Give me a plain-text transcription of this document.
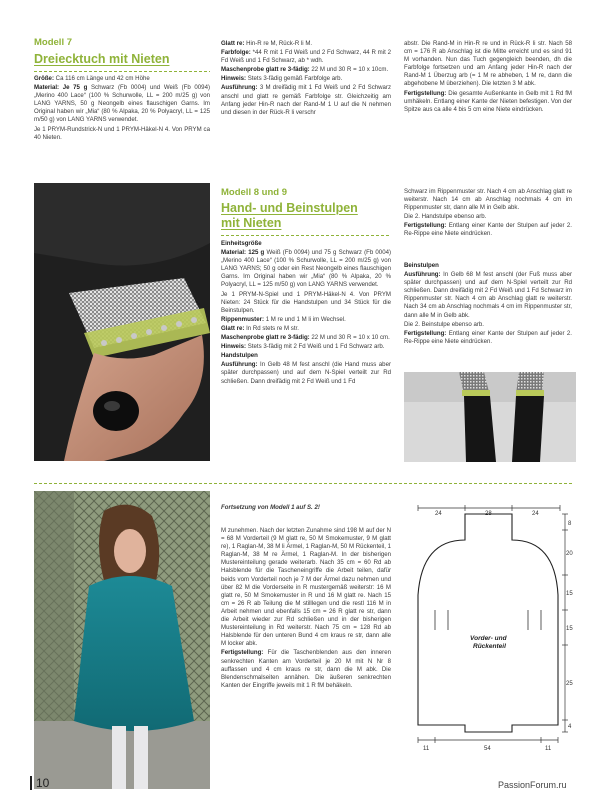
Modell 7
Dreiecktuch mit Nieten

Größe: Ca 116 cm Länge und 42 cm Höhe

Material: Je 75 g Schwarz (Fb 0004) und Weiß (Fb 0094) „Merino 400 Lace“ (100 % Schurwolle, LL = 200 m/25 g) von LANG YARNS, 50 g Neongelb eines flauschigen Garns. Im Original haben wir „Mia“ (80 % Alpaka, 20 % Polyacryl, LL = 125 m/50 g) von LANG YARNS verwendet.

Je 1 PRYM-Rundstrick-N und 1 PRYM-Häkel-N 4. Von PRYM ca 40 Nieten.

Glatt re: Hin-R re M, Rück-R li M.

Farbfolge: *44 R mit 1 Fd Weiß und 2 Fd Schwarz, 44 R mit 2 Fd Weiß und 1 Fd Schwarz, ab * wdh.

Maschenprobe glatt re 3-fädig: 22 M und 30 R = 10 x 10cm.

Hinweis: Stets 3-fädig gemäß Farbfolge arb.

Ausführung: 3 M dreifädig mit 1 Fd Weiß und 2 Fd Schwarz anschl und glatt re gemäß Farbfolge str. Gleichzeitig am Anfang jeder Hin-R nach der Rand-M 1 U auf die N nehmen und diesen in der Rück-R li verschr

abstr. Die Rand-M in Hin-R re und in Rück-R li str. Nach 58 cm = 176 R ab Anschlag ist die Mitte erreicht und es sind 91 M vorhanden. Nun das Tuch gegengleich beenden, dh die Farbfolge fortsetzen und am Anfang jeder Hin-R nach der Rand-M 1 Überzug arb (= 1 M re abheben, 1 M re, dann die abgehobene M überziehen). Die letzten 3 M abk.

Fertigstellung: Die gesamte Außenkante in Gelb mit 1 Rd fM umhäkeln. Entlang einer Kante der Nieten befestigen. Von der Spitze aus ca alle 4 bis 5 cm eine Niete eindrücken.

Modell 8 und 9
Hand- und Beinstulpen
mit Nieten

Einheitsgröße

Material: 125 g Weiß (Fb 0094) und 75 g Schwarz (Fb 0004) „Merino 400 Lace“ (100 % Schurwolle, LL = 200 m/25 g) von LANG YARNS; 50 g oder ein Rest Neongelb eines flauschigen Garns. Im Original haben wir „Mia“ (80 % Alpaka, 20 % Polyacryl, LL = 125 m/50 g) von LANG YARNS verwendet.

Je 1 PRYM-N-Spiel und 1 PRYM-Häkel-N 4. Von PRYM Nieten: 24 Stück für die Handstulpen und 34 Stück für die Beinstulpen.

Rippenmuster: 1 M re und 1 M li im Wechsel.

Glatt re: In Rd stets re M str.

Maschenprobe glatt re 3-fädig: 22 M und 30 R = 10 x 10 cm.

Hinweis: Stets 3-fädig mit 2 Fd Weiß und 1 Fd Schwarz arb.

Handstulpen

Ausführung: In Gelb 48 M fest anschl (die Hand muss aber später durchpassen) und auf dem N-Spiel verteilt zur Rd schließen. Dann dreifädig mit 2 Fd Weiß und 1 Fd

Schwarz im Rippenmuster str. Nach 4 cm ab Anschlag glatt re weiterstr. Nach 14 cm ab Anschlag nochmals 4 cm im Rippenmuster str, dann alle M in Gelb abk.

Die 2. Handstulpe ebenso arb.

Fertigstellung: Entlang einer Kante der Stulpen auf jeder 2. Re-Rippe eine Niete eindrücken.

Beinstulpen

Ausführung: In Gelb 68 M fest anschl (der Fuß muss aber später durchpassen) und auf dem N-Spiel verteilt zur Rd schließen. Dann dreifädig mit 2 Fd Weiß und 1 Fd Schwarz im Rippenmuster str. Nach 4 cm ab Anschlag glatt re weiterstr. Nach 34 cm ab Anschlag nochmals 4 cm im Rippenmuster str, dann alle M in Gelb abk.

Die 2. Beinstulpe ebenso arb.

Fertigstellung: Entlang einer Kante der Stulpen auf jeder 2. Re-Rippe eine Niete eindrücken.

Fortsetzung von Modell 1 auf S. 2!

M zunehmen. Nach der letzten Zunahme sind 198 M auf der N = 68 M Vorderteil (9 M glatt re, 50 M Smokemuster, 9 M glatt re), 1 Raglan-M, 38 M li Ärmel, 1 Raglan-M, 50 M Rückenteil, 1 Raglan-M, 38 M re Ärmel, 1 Raglan-M. In der bisherigen Mustereinteilung gerade weiterarb. Nach 35 cm = 60 Rd ab Halsblende für die Tascheneingriffe die Arbeit teilen, dafür beids vom Vorderteil noch je 7 M der Ärmel dazu nehmen und über 82 M die Vorderseite in R mustergemäß weiterstr: 16 M glatt re, 50 M Smokemuster in R und 16 M glatt re. Nach 15 cm = 26 R ab Teilung die M stilllegen und die restl 116 M in Arbeit nehmen und ebenfalls 15 cm = 26 R glatt re str, dann die Arbeit wieder zur Rd schließen und in der bisherigen Mustereinteilung in Rd weiterstr. Nach 75 cm = 128 Rd ab Halsblende für den unteren Bund 4 cm kraus re str, dann alle M locker abk.

Fertigstellung: Für die Taschenblenden aus den inneren senkrechten Kanten am Vorderteil je 20 M mit N Nr 8 auffassen und 4 cm kraus re str, dann die M abk. Die Blendenschmalseiten annähen. Die äußeren senkrechten Kanten der Eingriffe jeweils mit 1 R fM behäkeln.

24	28	24
Vorder- und
Rückenteil
8
20
15
15
25
4
11	54	11
10	PassionForum.ru
